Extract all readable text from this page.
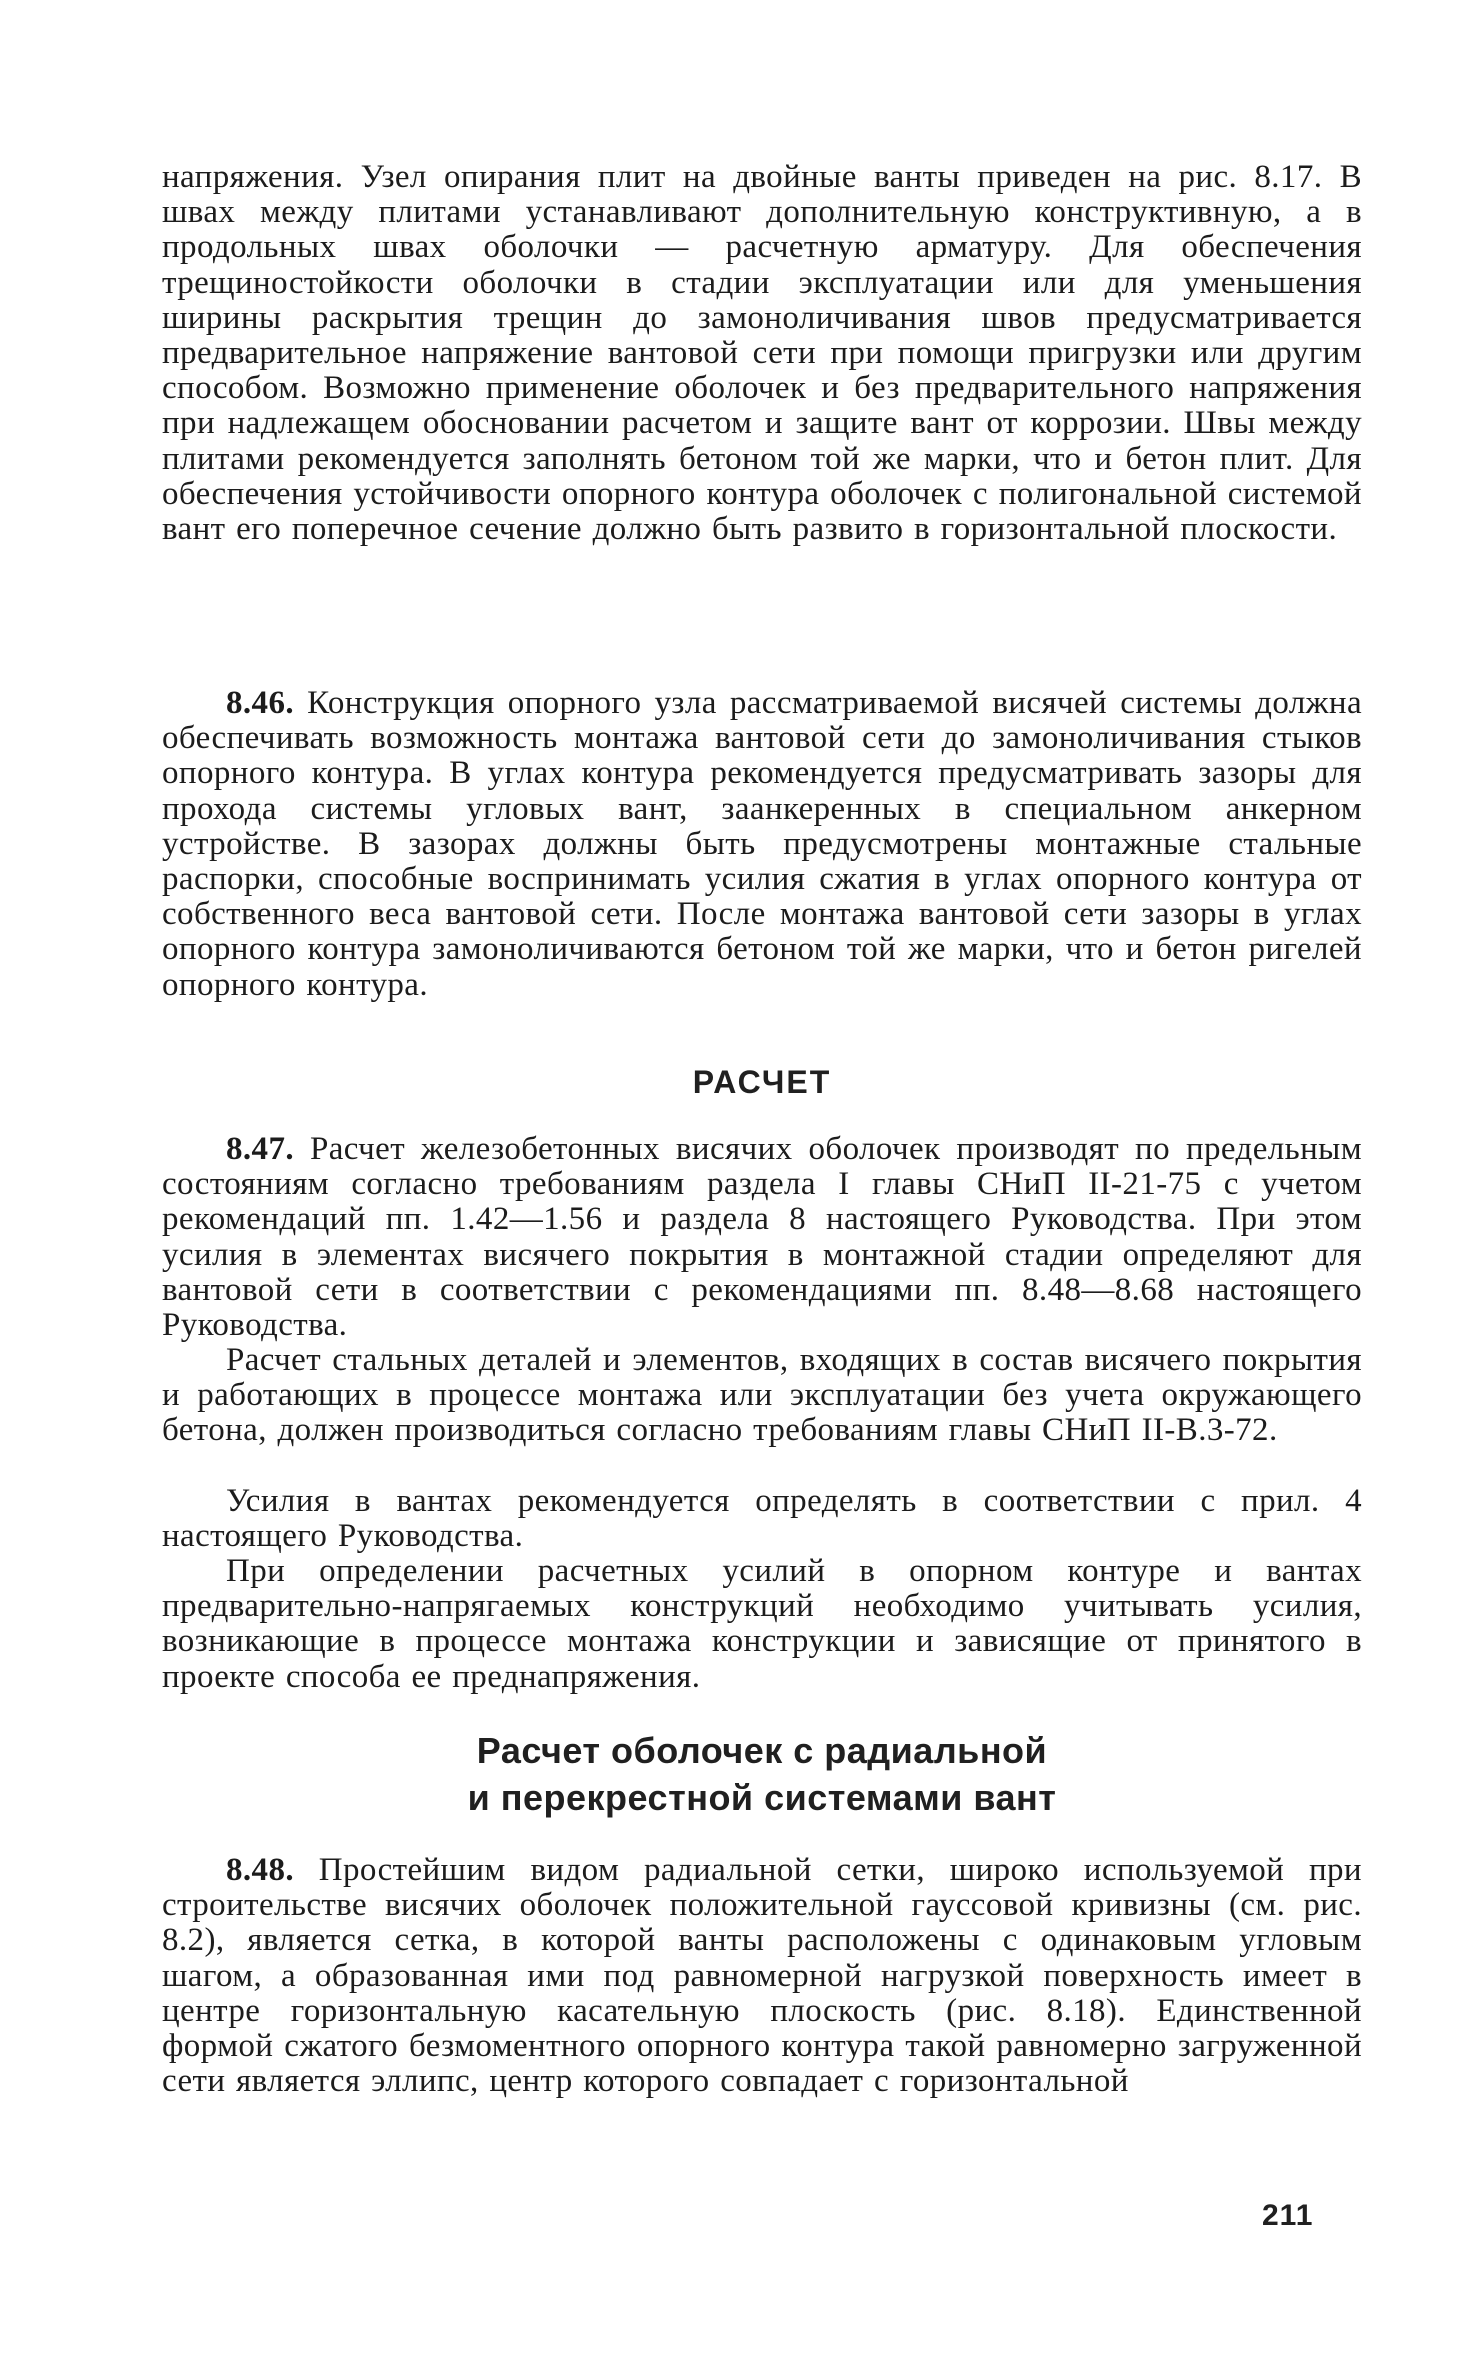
напряжения. Узел опирания плит на двойные ванты приведен на рис. 8.17. В швах между плитами устанавливают дополнительную конструктивную, а в продольных швах оболочки — расчетную арматуру. Для обеспечения трещиностойкости оболочки в стадии эксплуатации или для уменьшения ширины раскрытия трещин до замоноличивания швов предусматривается предварительное напряжение вантовой сети при помощи пригрузки или другим способом. Возможно применение оболочек и без предварительного напряжения при надлежащем обосновании расчетом и защите вант от коррозии. Швы между плитами рекомендуется заполнять бетоном той же марки, что и бетон плит. Для обеспечения устойчивости опорного контура оболочек с полигональной системой вант его поперечное сечение должно быть развито в горизонтальной плоскости.

8.46. Конструкция опорного узла рассматриваемой висячей системы должна обеспечивать возможность монтажа вантовой сети до замоноличивания стыков опорного контура. В углах контура рекомендуется предусматривать зазоры для прохода системы угловых вант, заанкеренных в специальном анкерном устройстве. В зазорах должны быть предусмотрены монтажные стальные распорки, способные воспринимать усилия сжатия в углах опорного контура от собственного веса вантовой сети. После монтажа вантовой сети зазоры в углах опорного контура замоноличиваются бетоном той же марки, что и бетон ригелей опорного контура.

РАСЧЕТ

8.47. Расчет железобетонных висячих оболочек производят по предельным состояниям согласно требованиям раздела I главы СНиП II-21-75 с учетом рекомендаций пп. 1.42—1.56 и раздела 8 настоящего Руководства. При этом усилия в элементах висячего покрытия в монтажной стадии определяют для вантовой сети в соответствии с рекомендациями пп. 8.48—8.68 настоящего Руководства.

Расчет стальных деталей и элементов, входящих в состав висячего покрытия и работающих в процессе монтажа или эксплуатации без учета окружающего бетона, должен производиться согласно требованиям главы СНиП II-В.3-72.

Усилия в вантах рекомендуется определять в соответствии с прил. 4 настоящего Руководства.

При определении расчетных усилий в опорном контуре и вантах предварительно-напрягаемых конструкций необходимо учитывать усилия, возникающие в процессе монтажа конструкции и зависящие от принятого в проекте способа ее преднапряжения.

Расчет оболочек с радиальной
и перекрестной системами вант

8.48. Простейшим видом радиальной сетки, широко используемой при строительстве висячих оболочек положительной гауссовой кривизны (см. рис. 8.2), является сетка, в которой ванты расположены с одинаковым угловым шагом, а образованная ими под равномерной нагрузкой поверхность имеет в центре горизонтальную касательную плоскость (рис. 8.18). Единственной формой сжатого безмоментного опорного контура такой равномерно загруженной сети является эллипс, центр которого совпадает с горизонтальной

211
